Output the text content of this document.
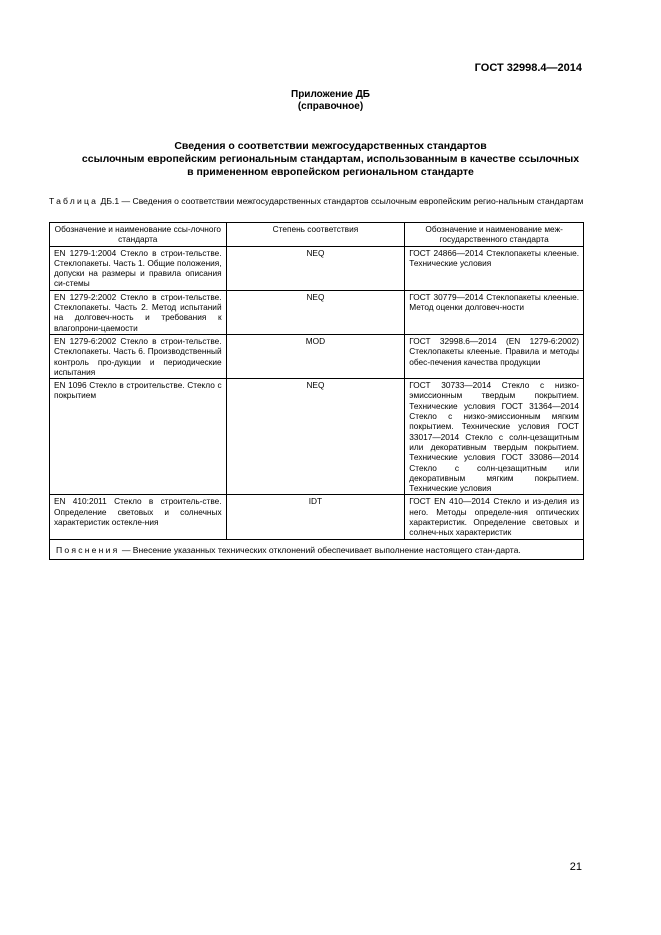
ГОСТ 32998.4—2014
Приложение ДБ
(справочное)
Сведения о соответствии межгосударственных стандартов
ссылочным европейским региональным стандартам, использованным в качестве ссылочных
в примененном европейском региональном стандарте
Таблица ДБ.1 — Сведения о соответствии межгосударственных стандартов ссылочным европейским регио-нальным стандартам
Обозначение и наименование ссы-лочного стандарта	Степень соответствия	Обозначение и наименование меж-государственного стандарта
EN 1279-1:2004 Стекло в строи-тельстве. Стеклопакеты. Часть 1. Общие положения, допуски на размеры и правила описания си-стемы	NEQ	ГОСТ 24866—2014 Стеклопакеты клееные. Технические условия
EN 1279-2:2002 Стекло в строи-тельстве. Стеклопакеты. Часть 2. Метод испытаний на долговеч-ность и требования к влагопрони-цаемости	NEQ	ГОСТ 30779—2014 Стеклопакеты клееные. Метод оценки долговеч-ности
EN 1279-6:2002 Стекло в строи-тельстве. Стеклопакеты. Часть 6. Производственный контроль про-дукции и периодические испытания	MOD	ГОСТ 32998.6—2014 (EN 1279-6:2002) Стеклопакеты клееные. Правила и методы обес-печения качества продукции
EN 1096 Стекло в строительстве. Стекло с покрытием	NEQ	ГОСТ 30733—2014 Стекло с низко-эмиссионным твердым покрытием. Технические условия ГОСТ 31364—2014 Стекло с низко-эмиссионным мягким покрытием. Технические условия ГОСТ 33017—2014 Стекло с солн-цезащитным или декоративным твердым покрытием. Технические условия ГОСТ 33086—2014 Стекло с солн-цезащитным или декоративным мягким покрытием. Технические условия
EN 410:2011 Стекло в строитель-стве. Определение световых и солнечных характеристик остекле-ния	IDT	ГОСТ EN 410—2014 Стекло и из-делия из него. Методы определе-ния оптических характеристик. Определение световых и солнеч-ных характеристик
Пояснения — Внесение указанных технических отклонений обеспечивает выполнение настоящего стан-дарта.		
21
